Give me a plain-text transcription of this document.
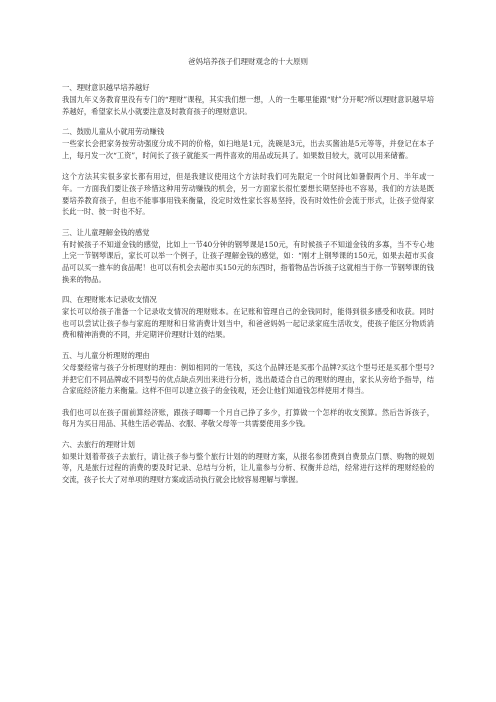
爸妈培养孩子们理财观念的十大原则
一、理财意识越早培养越好

我国九年义务教育里没有专门的“理财”课程，其实我们想一想，人的一生哪里能跟“财”分开呢?所以理财意识越早培养越好，希望家长从小就要注意及时教育孩子的理财意识。

二、鼓励儿童从小就用劳动赚钱

一些家长会把家务按劳动强度分成不同的价格，如扫地是1元，洗碗是3元，出去买酱油是5元等等，并登记在本子上，每月发一次“工资”，时间长了孩子就能买一两件喜欢的用品或玩具了。如果数目较大，就可以用来储蓄。

这个方法其实很多家长都有用过，但是我建议使用这个方法时我们可先限定一个时间比如暑假两个月、半年或一年。一方面我们要让孩子珍惜这种用劳动赚钱的机会，另一方面家长很忙要想长期坚持也不容易，我们的方法是既要培养教育孩子，但也不能事事用钱来衡量，没定时效性家长容易坚持，没有时效性价会流于形式，让孩子觉得家长此一时、彼一时也不好。

三、让儿童理解金钱的感觉

有时候孩子不知道金钱的感觉，比如上一节40分钟的钢琴课是150元，有时候孩子不知道金钱的多寡，当不专心地上完一节钢琴课后，家长可以举一个例子，让孩子理解金钱的感觉，如：“刚才上钢琴课的150元，如果去超市买食品可以买一推车的食品呢！也可以有机会去超市买150元的东西时，指着物品告诉孩子这就相当于你一节钢琴课的钱换来的物品。

四、在理财账本记录收支情况

家长可以给孩子准备一个记录收支情况的理财账本。在记账和管理自己的金钱同时，能得到很多感受和收获。同时也可以尝试让孩子参与家庭的理财和日常消费计划当中，和爸爸妈妈一起记录家庭生活收支，使孩子能区分物质消费和精神消费的不同，并定期评价理财计划的结果。

五、与儿童分析理财的理由

父母要经常与孩子分析理财的理由：例如相同的一笔钱，买这个品牌还是买那个品牌?买这个型号还是买那个型号?并把它们不同品牌或不同型号的优点缺点列出来进行分析，选出最适合自己的理财的理由，家长从旁给予指导，结合家庭经济能力来衡量。这样不但可以建立孩子的金钱观，还会让他们知道钱怎样使用才得当。

我们也可以在孩子面前算经济账，跟孩子唧唧一个月自己挣了多少，打算做一个怎样的收支预算。然后告诉孩子，每月为买日用品、其他生活必需品、衣服、孝敬父母等一共需要使用多少钱。

六、去旅行的理财计划

如果计划着带孩子去旅行，请让孩子参与整个旅行计划的的理财方案，从报名参团费到自费景点门票、购物的规划等，凡是旅行过程的消费的要及时记录、总结与分析，让儿童参与分析、权衡并总结，经常进行这样的理财经验的交流，孩子长大了对单项的理财方案或活动执行就会比较容易理解与掌握。
